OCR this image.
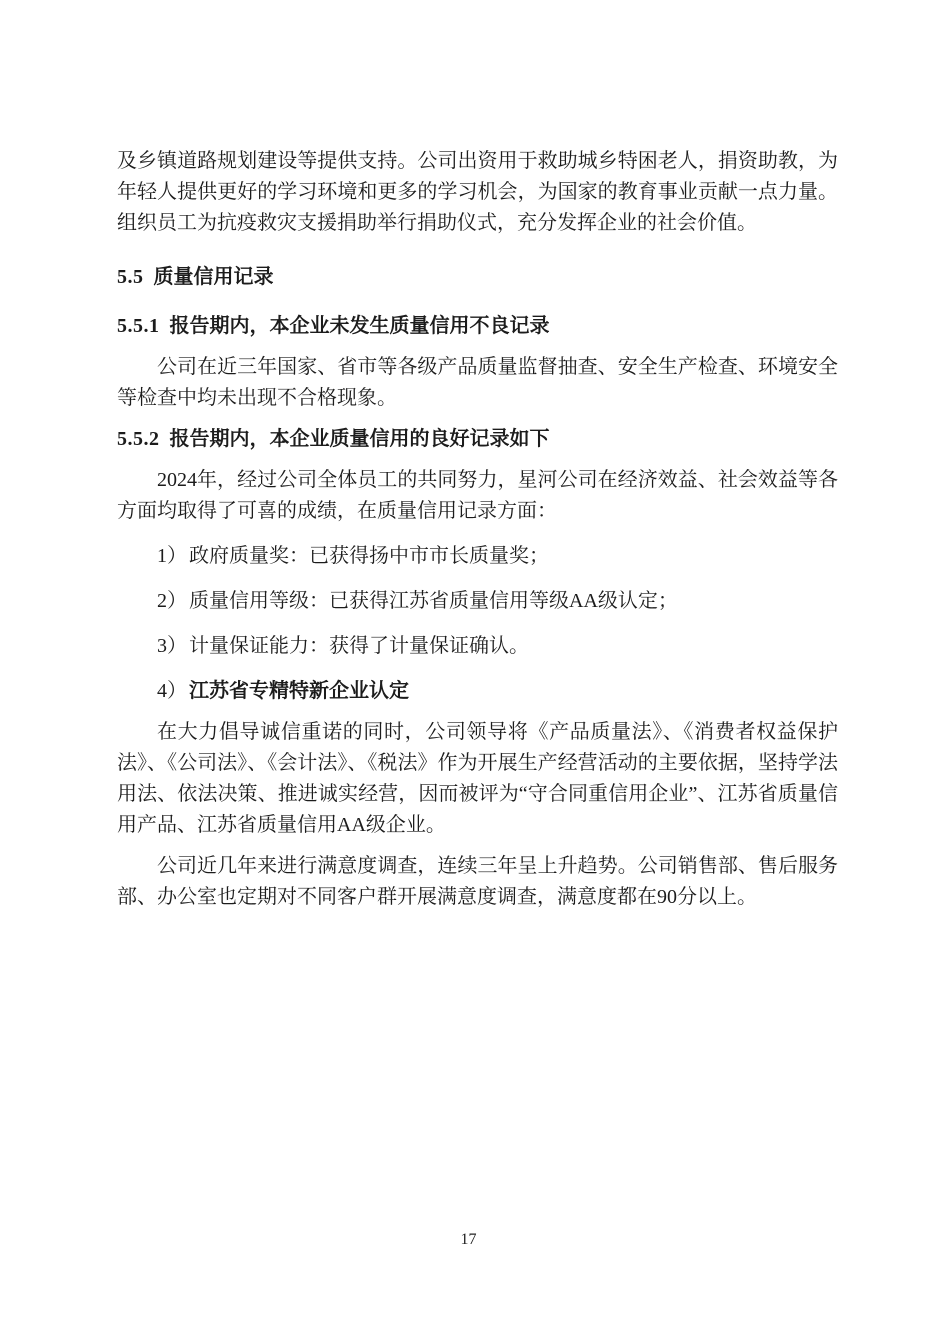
及乡镇道路规划建设等提供支持。公司出资用于救助城乡特困老人，捐资助教，为年轻人提供更好的学习环境和更多的学习机会，为国家的教育事业贡献一点力量。组织员工为抗疫救灾支援捐助举行捐助仪式，充分发挥企业的社会价值。

5.5 质量信用记录
5.5.1 报告期内，本企业未发生质量信用不良记录

公司在近三年国家、省市等各级产品质量监督抽查、安全生产检查、环境安全等检查中均未出现不合格现象。

5.5.2 报告期内，本企业质量信用的良好记录如下

2024年，经过公司全体员工的共同努力，星河公司在经济效益、社会效益等各方面均取得了可喜的成绩，在质量信用记录方面：

1） 政府质量奖：已获得扬中市市长质量奖；

2） 质量信用等级：已获得江苏省质量信用等级AA级认定；

3） 计量保证能力：获得了计量保证确认。

4） 江苏省专精特新企业认定

在大力倡导诚信重诺的同时，公司领导将《产品质量法》、《消费者权益保护法》、《公司法》、《会计法》、《税法》作为开展生产经营活动的主要依据，坚持学法用法、依法决策、推进诚实经营，因而被评为“守合同重信用企业”、江苏省质量信用产品、江苏省质量信用AA级企业。

公司近几年来进行满意度调查，连续三年呈上升趋势。公司销售部、售后服务部、办公室也定期对不同客户群开展满意度调查，满意度都在90分以上。

17
